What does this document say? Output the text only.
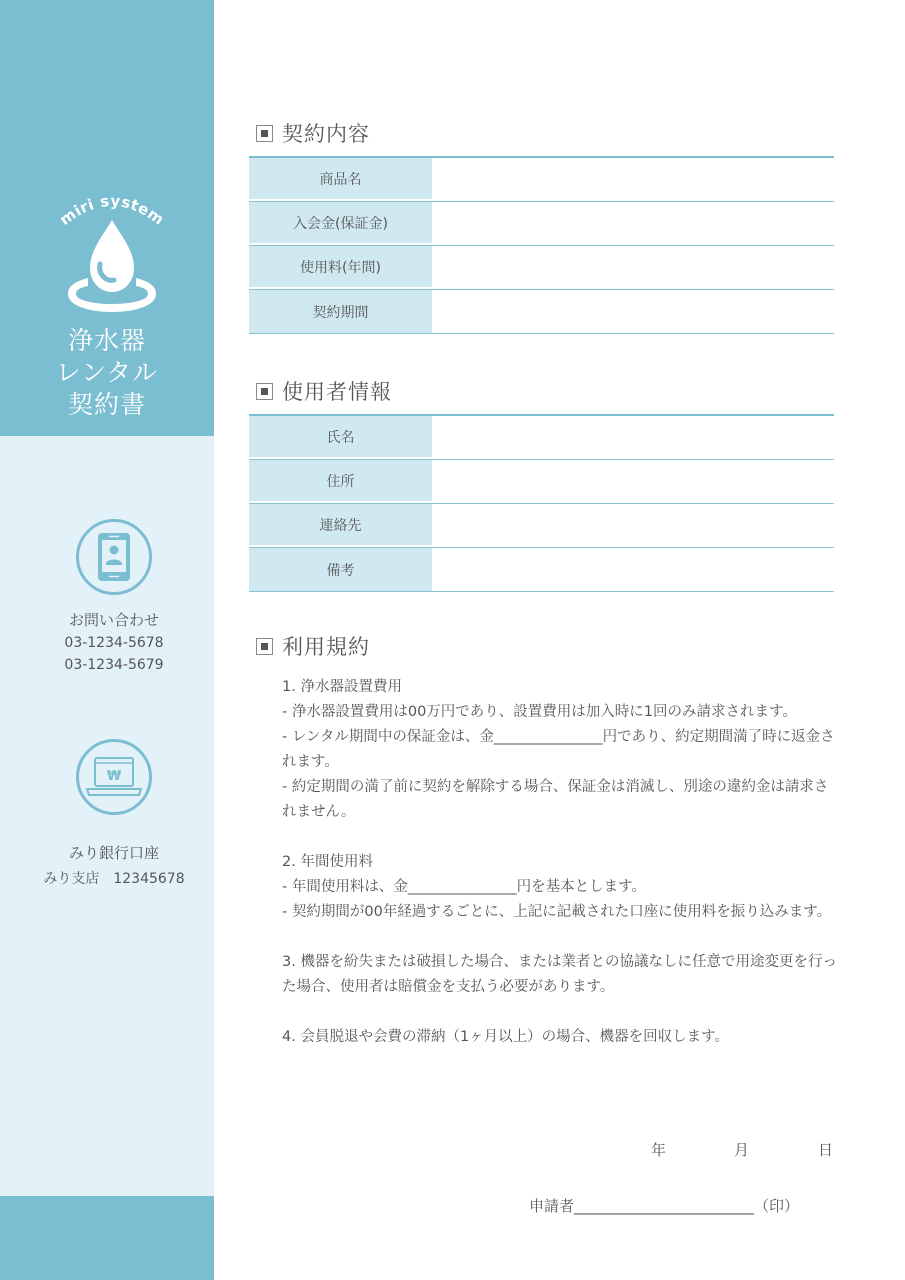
miri system
浄水器
レンタル
契約書
お問い合わせ
03-1234-5678
03-1234-5679
₩
みり銀行口座
みり支店　12345678
契約内容
商品名
入会金(保証金)
使用料(年間)
契約期間
使用者情報
氏名
住所
連絡先
備考
利用規約

1. 浄水器設置費用

- 浄水器設置費用は00万円であり、設置費用は加入時に1回のみ請求されます。

- レンタル期間中の保証金は、金_______________円であり、約定期間満了時に返金されます。

- 約定期間の満了前に契約を解除する場合、保証金は消滅し、別途の違約金は請求されません。

2. 年間使用料

- 年間使用料は、金_______________円を基本とします。

- 契約期間が00年経過するごとに、上記に記載された口座に使用料を振り込みます。

3. 機器を紛失または破損した場合、または業者との協議なしに任意で用途変更を行った場合、使用者は賠償金を支払う必要があります。

4. 会員脱退や会費の滞納（1ヶ月以上）の場合、機器を回収します。

年	月	日
申請者________________________（印）
